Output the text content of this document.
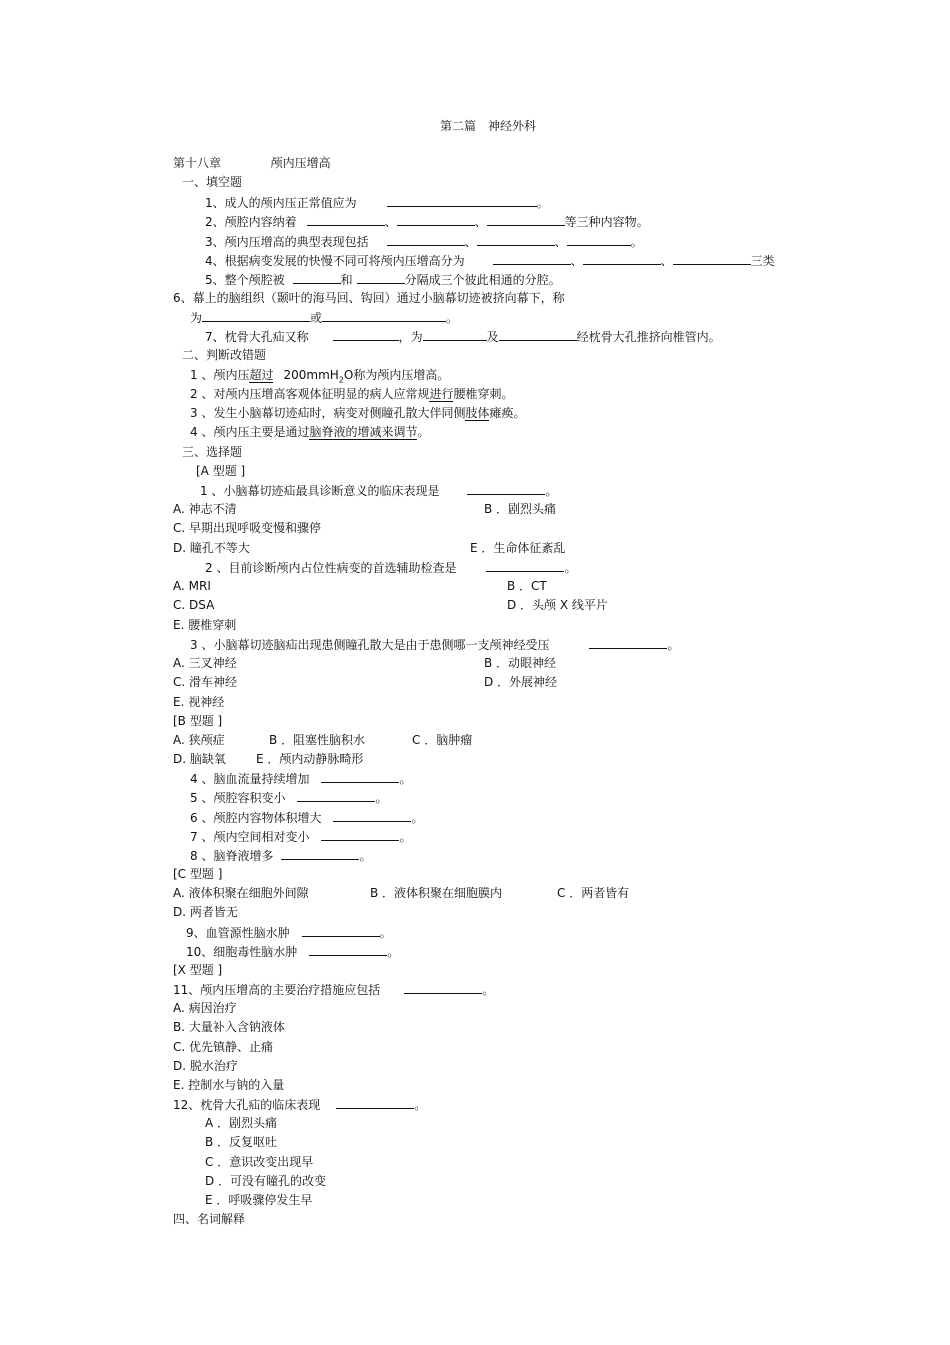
第二篇　神经外科
第十八章	颅内压增高
一、填空题
1、成人的颅内压正常值应为	。
2、颅腔内容纳着	、	、	等三种内容物。
3、颅内压增高的典型表现包括	、	、	。
4、根据病变发展的快慢不同可将颅内压增高分为	、	、	三类
5、整个颅腔被	和	分隔成三个彼此相通的分腔。
6、幕上的脑组织（颞叶的海马回、钩回）通过小脑幕切迹被挤向幕下，称
为	或	。
7、枕骨大孔疝又称	，为	及	经枕骨大孔推挤向椎管内。
二、判断改错题
1 、颅内压超过 200mmH$_2$O称为颅内压增高。
2 、对颅内压增高客观体征明显的病人应常规进行腰椎穿刺。
3 、发生小脑幕切迹疝时，病变对侧瞳孔散大伴同侧肢体瘫痪。
4 、颅内压主要是通过脑脊液的增减来调节。
三、选择题
[A 型题 ]
1 、小脑幕切迹疝最具诊断意义的临床表现是	。
A. 神志不清	B ．剧烈头痛
C. 早期出现呼吸变慢和骤停
D. 瞳孔不等大	E ．生命体征紊乱
2 、目前诊断颅内占位性病变的首选辅助检查是	。
A. MRI	B ．CT
C. DSA	D ．头颅 X 线平片
E. 腰椎穿刺
3 、小脑幕切迹脑疝出现患侧瞳孔散大是由于患侧哪一支颅神经受压	。
A. 三叉神经	B ．动眼神经
C. 滑车神经	D ．外展神经
E. 视神经
[B 型题 ]
A. 狭颅症	B ．阻塞性脑积水	C ．脑肿瘤
D. 脑缺氧	E ．颅内动静脉畸形
4 、脑血流量持续增加	。
5 、颅腔容积变小	。
6 、颅腔内容物体积增大	。
7 、颅内空间相对变小	。
8 、脑脊液增多	。
[C 型题 ]
A. 液体积聚在细胞外间隙	B ．液体积聚在细胞膜内	C ．两者皆有
D. 两者皆无
9、血管源性脑水肿	。
10、细胞毒性脑水肿	。
[X 型题 ]
11、颅内压增高的主要治疗措施应包括	。
A. 病因治疗
B. 大量补入含钠液体
C. 优先镇静、止痛
D. 脱水治疗
E. 控制水与钠的入量
12、枕骨大孔疝的临床表现	。
A ．剧烈头痛
B ．反复呕吐
C ．意识改变出现早
D ．可没有瞳孔的改变
E ．呼吸骤停发生早
四、名词解释
